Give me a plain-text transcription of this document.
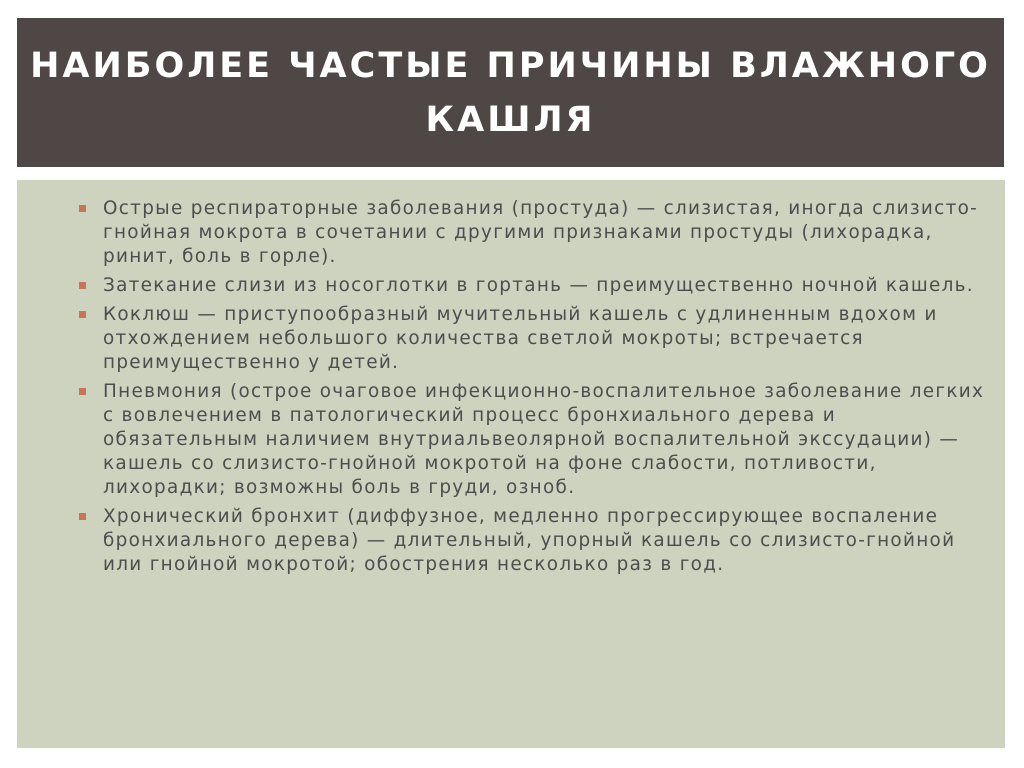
НАИБОЛЕЕ ЧАСТЫЕ ПРИЧИНЫ ВЛАЖНОГО КАШЛЯ
Острые респираторные заболевания (простуда) — слизистая, иногда слизисто-гнойная мокрота в сочетании с другими признаками простуды (лихорадка, ринит, боль в горле).
Затекание слизи из носоглотки в гортань — преимущественно ночной кашель.
Коклюш — приступообразный мучительный кашель с удлиненным вдохом и отхождением небольшого количества светлой мокроты; встречается преимущественно у детей.
Пневмония (острое очаговое инфекционно-воспалительное заболевание легких с вовлечением в патологический процесс бронхиального дерева и обязательным наличием внутриальвеолярной воспалительной экссудации) — кашель со слизисто-гнойной мокротой на фоне слабости, потливости, лихорадки; возможны боль в груди, озноб.
Хронический бронхит (диффузное, медленно прогрессирующее воспаление бронхиального дерева) — длительный, упорный кашель со слизисто-гнойной или гнойной мокротой; обострения несколько раз в год.
